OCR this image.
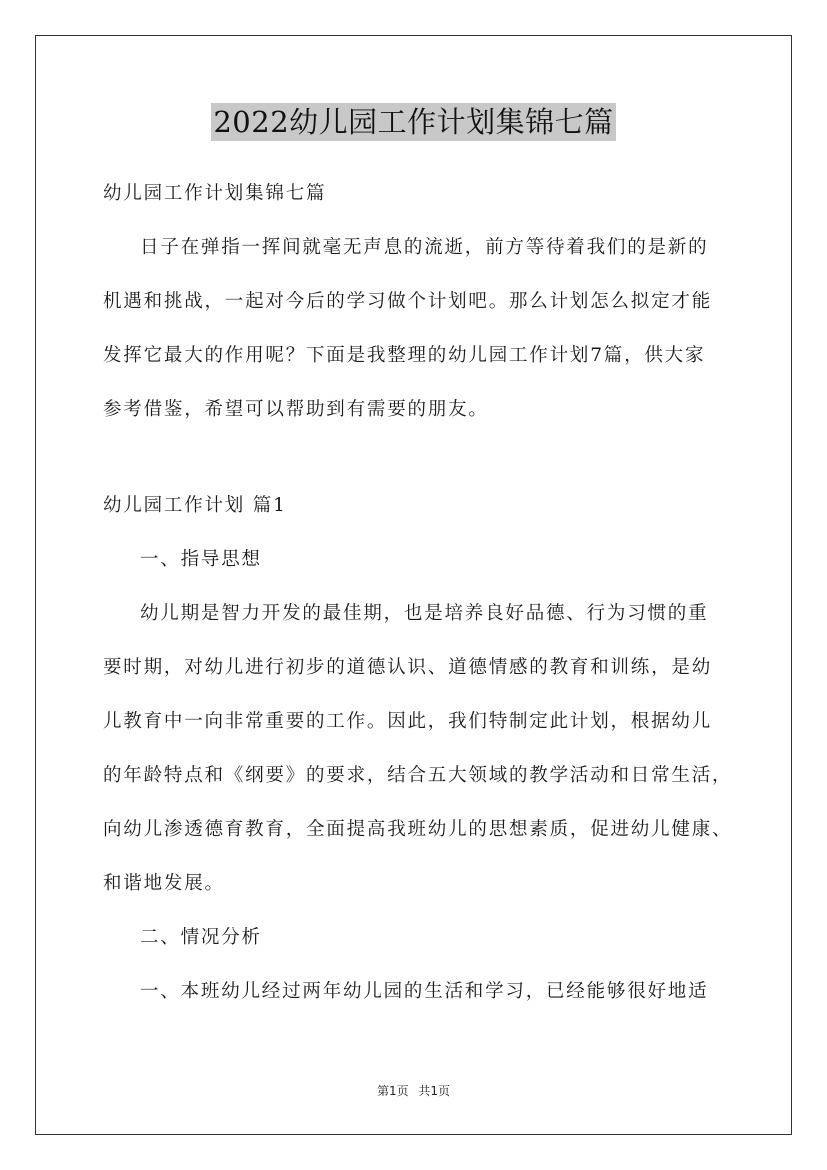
2022幼儿园工作计划集锦七篇

幼儿园工作计划集锦七篇

日子在弹指一挥间就毫无声息的流逝，前方等待着我们的是新的
机遇和挑战，一起对今后的学习做个计划吧。那么计划怎么拟定才能
发挥它最大的作用呢？下面是我整理的幼儿园工作计划7篇，供大家
参考借鉴，希望可以帮助到有需要的朋友。

幼儿园工作计划 篇1

一、指导思想

幼儿期是智力开发的最佳期，也是培养良好品德、行为习惯的重
要时期，对幼儿进行初步的道德认识、道德情感的教育和训练，是幼
儿教育中一向非常重要的工作。因此，我们特制定此计划，根据幼儿
的年龄特点和《纲要》的要求，结合五大领域的教学活动和日常生活，
向幼儿渗透德育教育，全面提高我班幼儿的思想素质，促进幼儿健康、
和谐地发展。

二、情况分析

一、本班幼儿经过两年幼儿园的生活和学习，已经能够很好地适

第1页 共1页
